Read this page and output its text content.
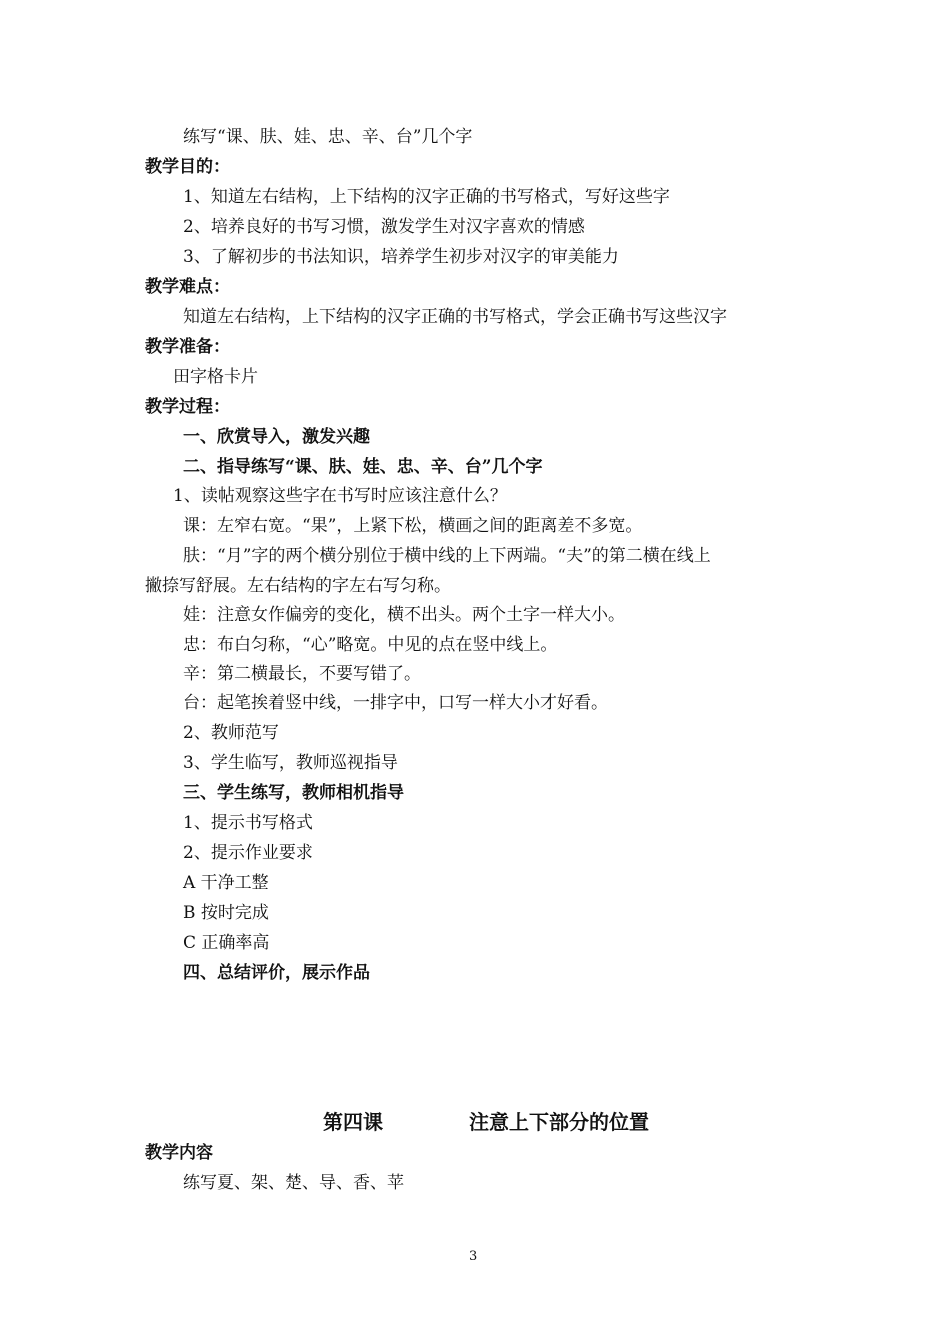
练写“课、肤、娃、忠、辛、台”几个字
教学目的：
1、知道左右结构，上下结构的汉字正确的书写格式，写好这些字
2、培养良好的书写习惯，激发学生对汉字喜欢的情感
3、了解初步的书法知识，培养学生初步对汉字的审美能力
教学难点：
知道左右结构，上下结构的汉字正确的书写格式，学会正确书写这些汉字
教学准备：
田字格卡片
教学过程：
一、欣赏导入，激发兴趣
二、指导练写“课、肤、娃、忠、辛、台”几个字
1、读帖观察这些字在书写时应该注意什么？
课：左窄右宽。“果”，上紧下松，横画之间的距离差不多宽。
肤：“月”字的两个横分别位于横中线的上下两端。“夫”的第二横在线上
撇捺写舒展。左右结构的字左右写匀称。
娃：注意女作偏旁的变化，横不出头。两个土字一样大小。
忠：布白匀称，“心”略宽。中见的点在竖中线上。
辛：第二横最长，不要写错了。
台：起笔挨着竖中线，一排字中，口写一样大小才好看。
2、教师范写
3、学生临写，教师巡视指导
三、学生练写，教师相机指导
1、提示书写格式
2、提示作业要求
A 干净工整
B 按时完成
C 正确率高
四、总结评价，展示作品
第四课	注意上下部分的位置
教学内容
练写夏、架、楚、导、香、苹
3
